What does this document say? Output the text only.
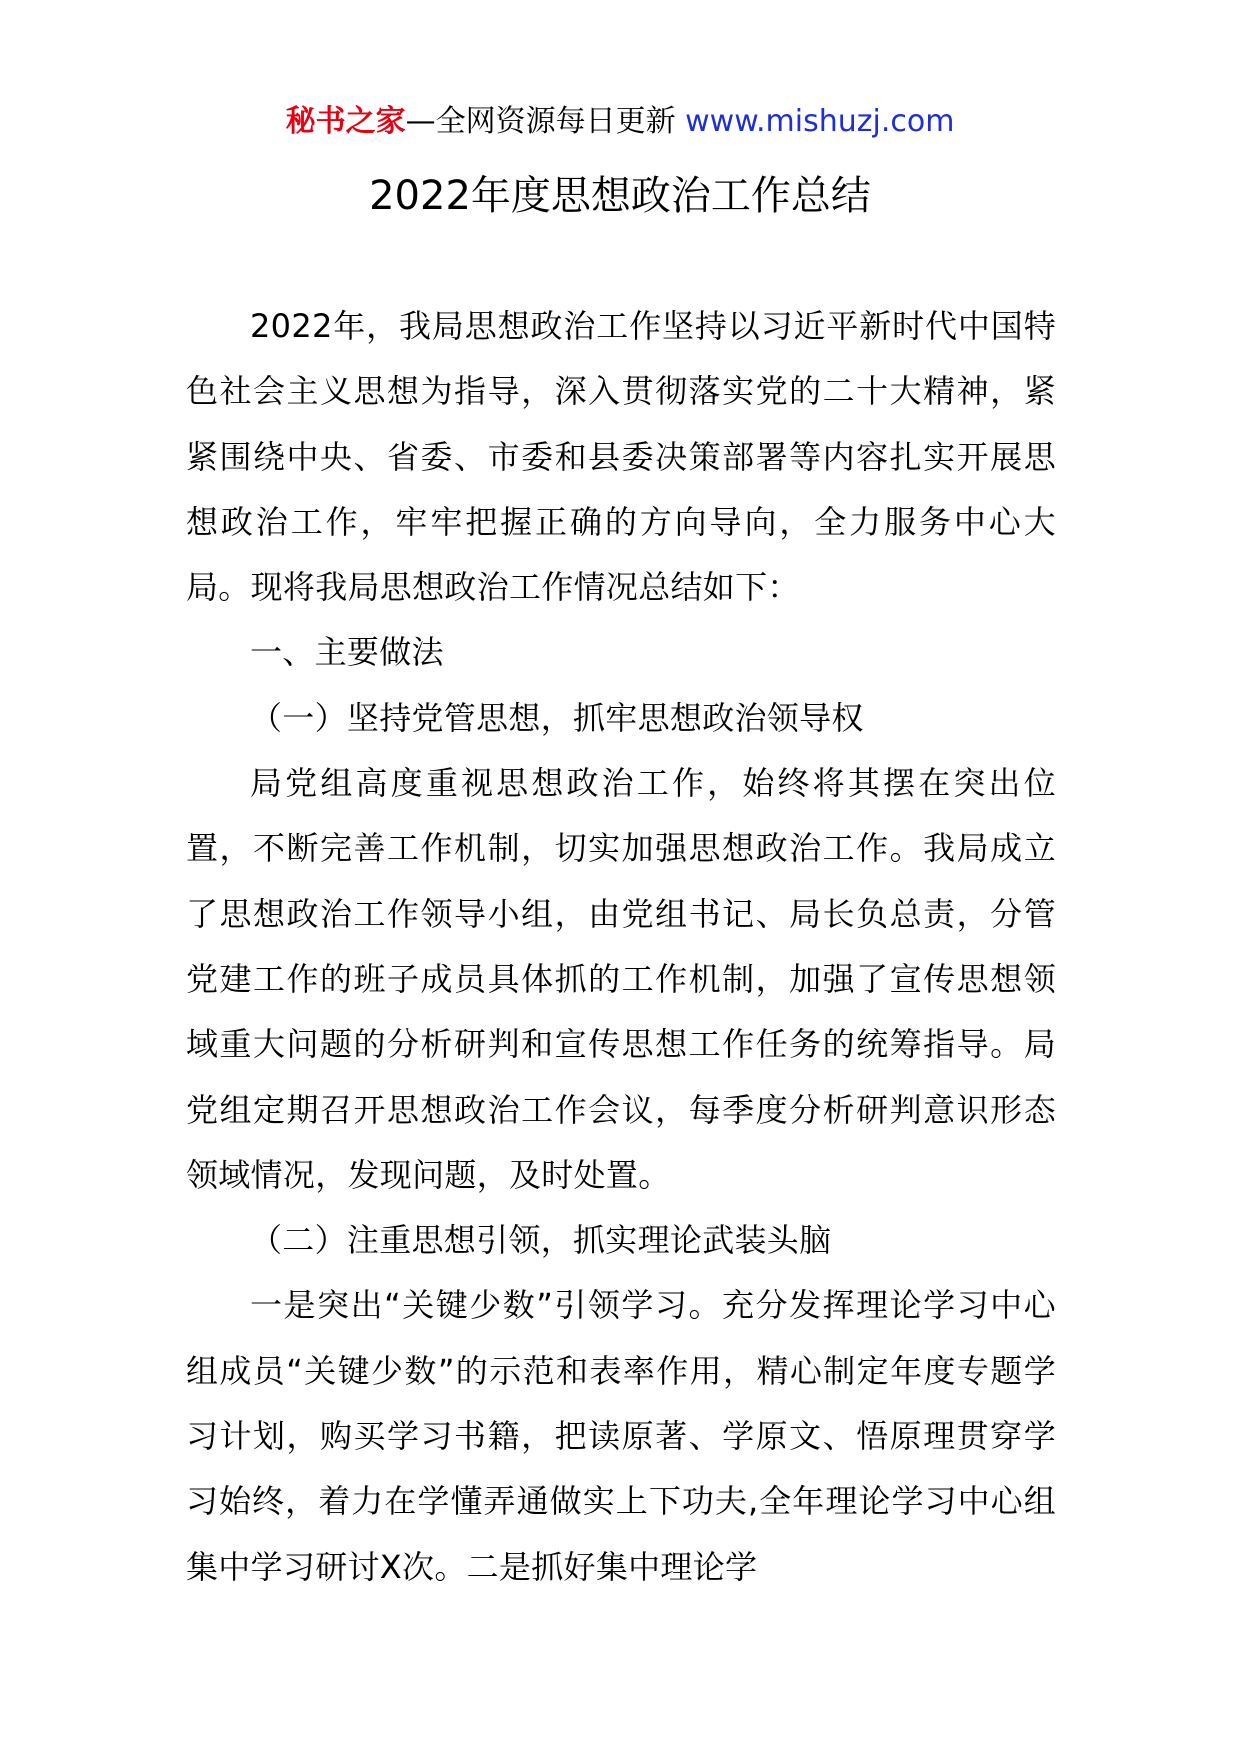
秘书之家—全网资源每日更新 www.mishuzj.com
2022年度思想政治工作总结

2022年，我局思想政治工作坚持以习近平新时代中国特色社会主义思想为指导，深入贯彻落实党的二十大精神，紧紧围绕中央、省委、市委和县委决策部署等内容扎实开展思想政治工作，牢牢把握正确的方向导向，全力服务中心大局。现将我局思想政治工作情况总结如下：

一、主要做法

（一）坚持党管思想，抓牢思想政治领导权

局党组高度重视思想政治工作，始终将其摆在突出位置，不断完善工作机制，切实加强思想政治工作。我局成立了思想政治工作领导小组，由党组书记、局长负总责，分管党建工作的班子成员具体抓的工作机制，加强了宣传思想领域重大问题的分析研判和宣传思想工作任务的统筹指导。局党组定期召开思想政治工作会议，每季度分析研判意识形态领域情况，发现问题，及时处置。

（二）注重思想引领，抓实理论武装头脑

一是突出“关键少数”引领学习。充分发挥理论学习中心组成员“关键少数”的示范和表率作用，精心制定年度专题学习计划，购买学习书籍，把读原著、学原文、悟原理贯穿学习始终，着力在学懂弄通做实上下功夫,全年理论学习中心组集中学习研讨X次。二是抓好集中理论学
